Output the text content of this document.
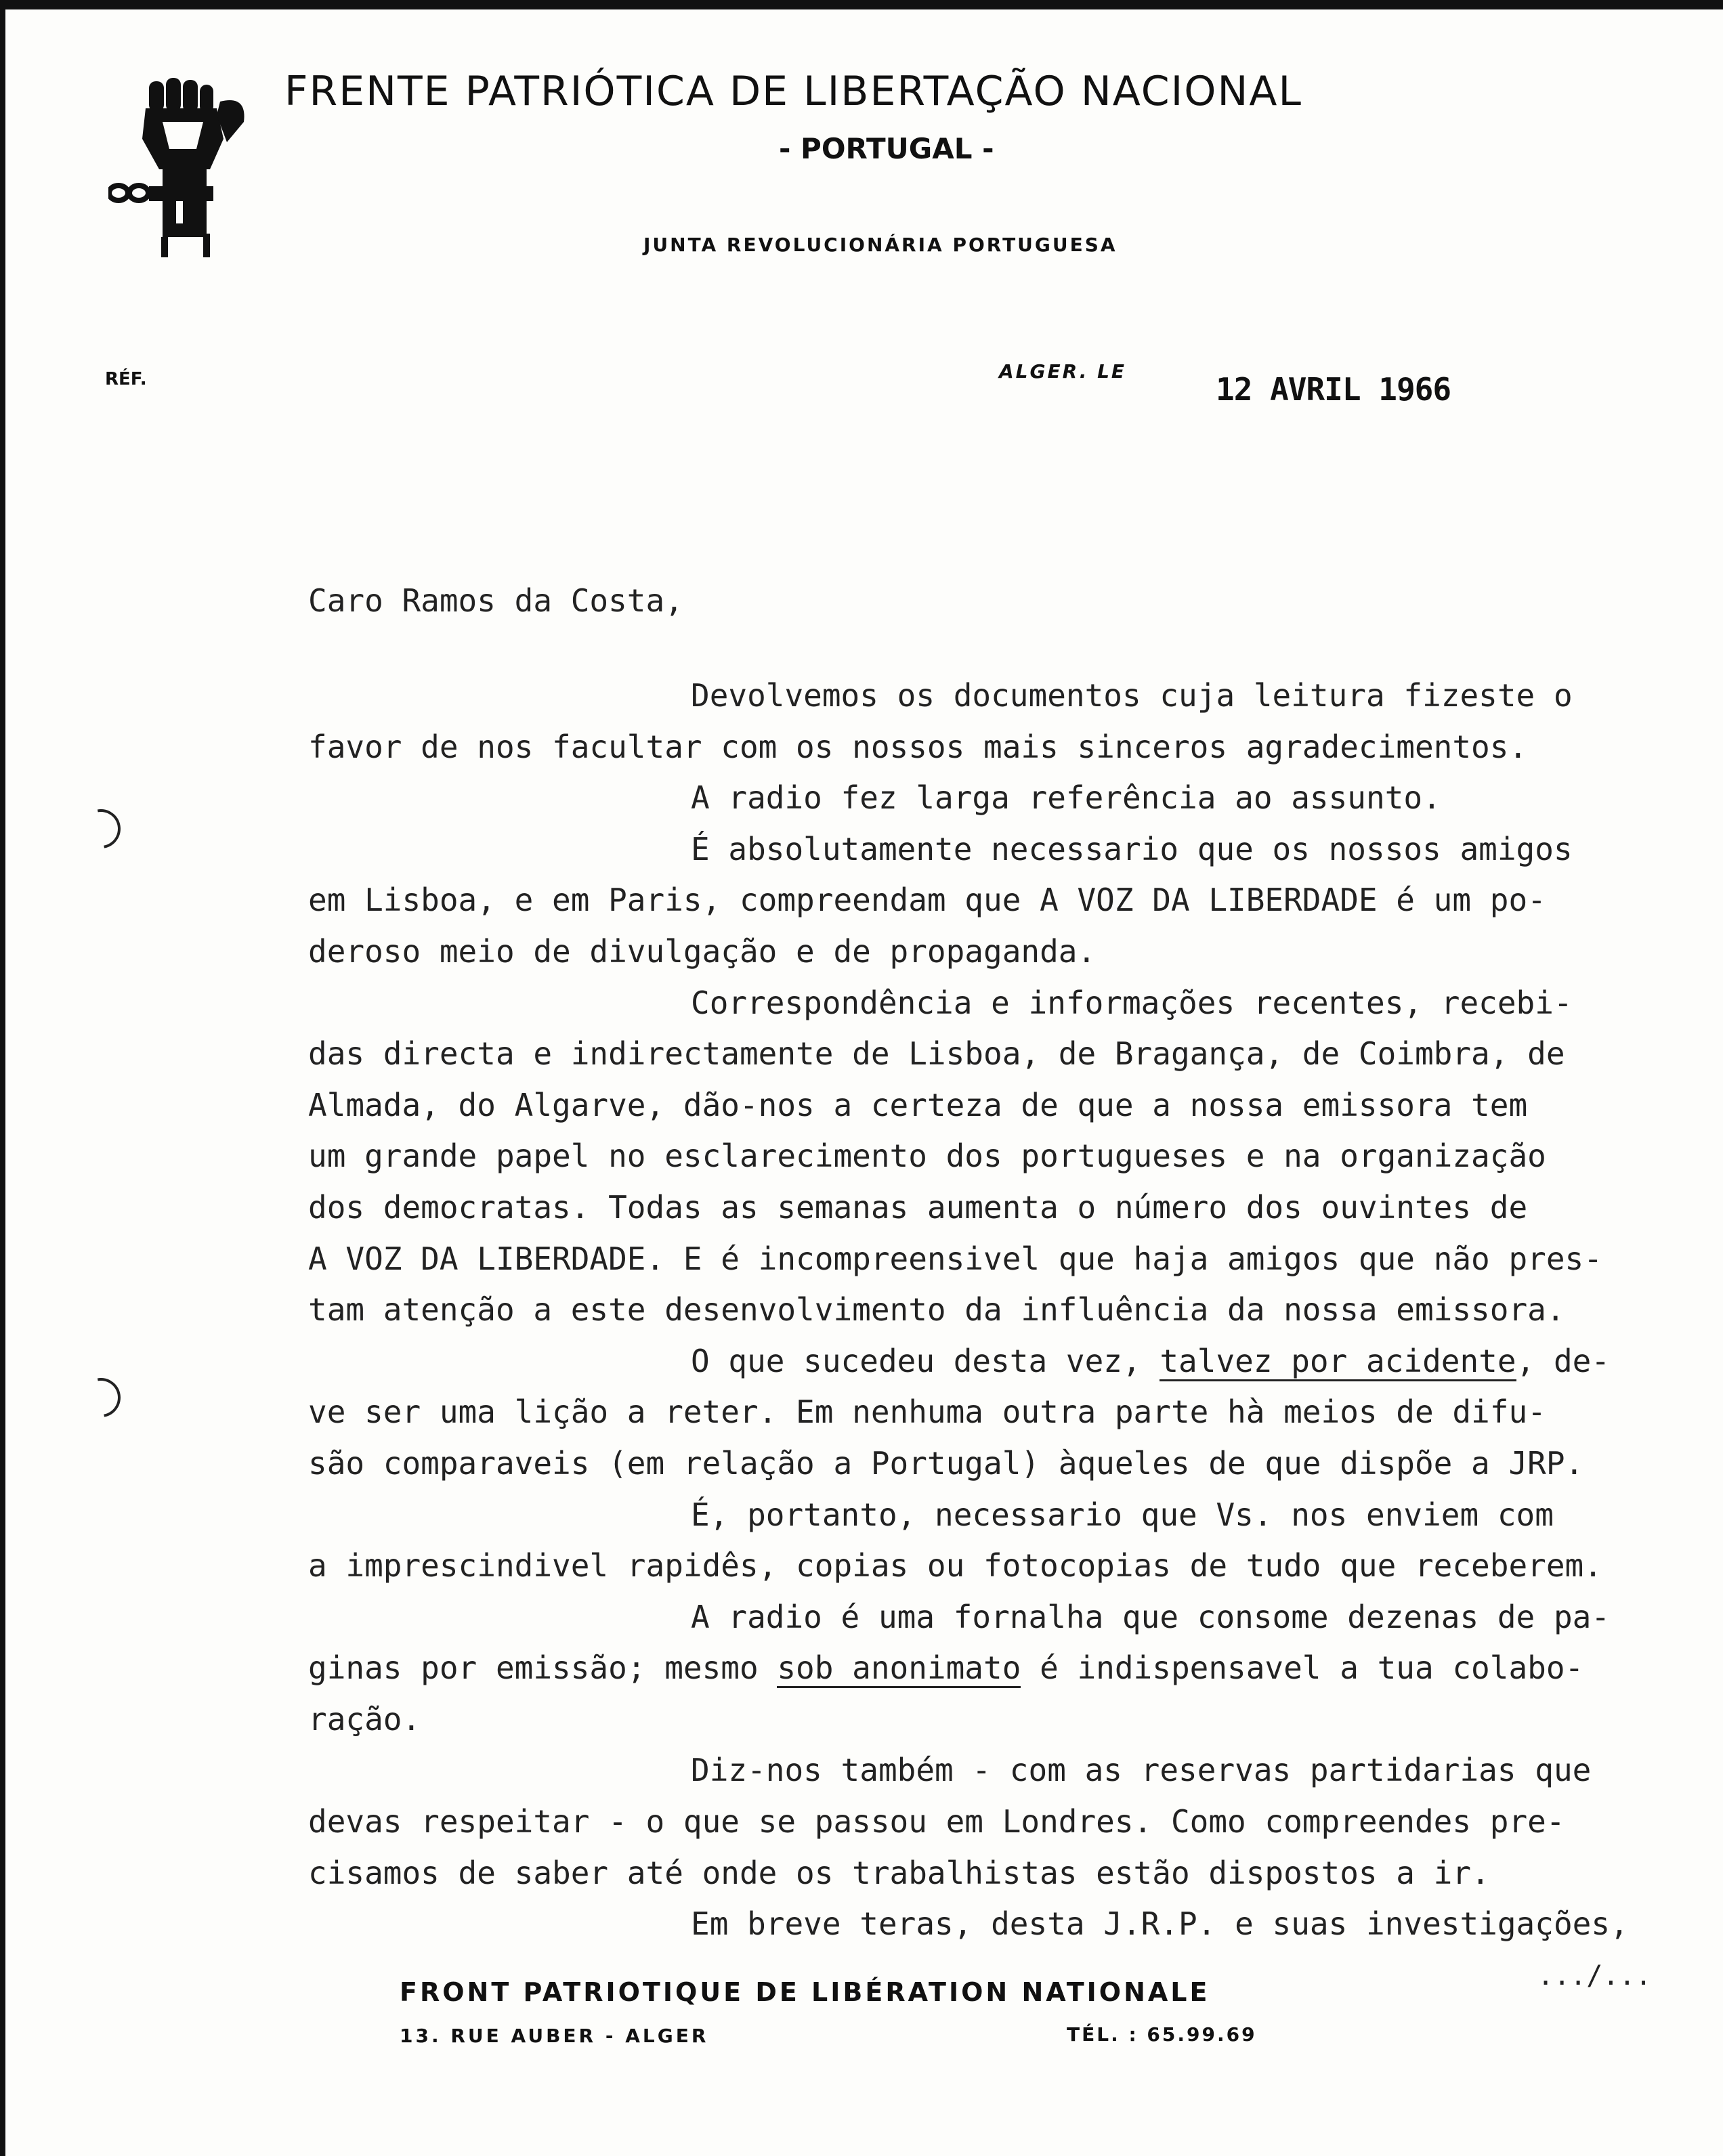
FRENTE PATRIÓTICA DE LIBERTAÇÃO NACIONAL
- PORTUGAL -
JUNTA REVOLUCIONÁRIA PORTUGUESA
RÉF.	ALGER. LE	12 AVRIL 1966
Caro Ramos da Costa,
Devolvemos os documentos cuja leitura fizeste o
favor de nos facultar com os nossos mais sinceros agradecimentos.
A radio fez larga referência ao assunto.
É absolutamente necessario que os nossos amigos
em Lisboa, e em Paris, compreendam que A VOZ DA LIBERDADE é um po-
deroso meio de divulgação e de propaganda.
Correspondência e informações recentes, recebi-
das directa e indirectamente de Lisboa, de Bragança, de Coimbra, de
Almada, do Algarve, dão-nos a certeza de que a nossa emissora tem
um grande papel no esclarecimento dos portugueses e na organização
dos democratas. Todas as semanas aumenta o número dos ouvintes de
A VOZ DA LIBERDADE. E é incompreensivel que haja amigos que não pres-
tam atenção a este desenvolvimento da influência da nossa emissora.
O que sucedeu desta vez, talvez por acidente, de-
ve ser uma lição a reter. Em nenhuma outra parte hà meios de difu-
são comparaveis (em relação a Portugal) àqueles de que dispõe a JRP.
É, portanto, necessario que Vs. nos enviem com
a imprescindivel rapidês, copias ou fotocopias de tudo que receberem.
A radio é uma fornalha que consome dezenas de pa-
ginas por emissão; mesmo sob anonimato é indispensavel a tua colabo-
ração.
Diz-nos também - com as reservas partidarias que
devas respeitar - o que se passou em Londres. Como compreendes pre-
cisamos de saber até onde os trabalhistas estão dispostos a ir.
Em breve teras, desta J.R.P. e suas investigações,
.../...
FRONT PATRIOTIQUE DE LIBÉRATION NATIONALE
13. RUE AUBER - ALGER	TÉL. : 65.99.69
